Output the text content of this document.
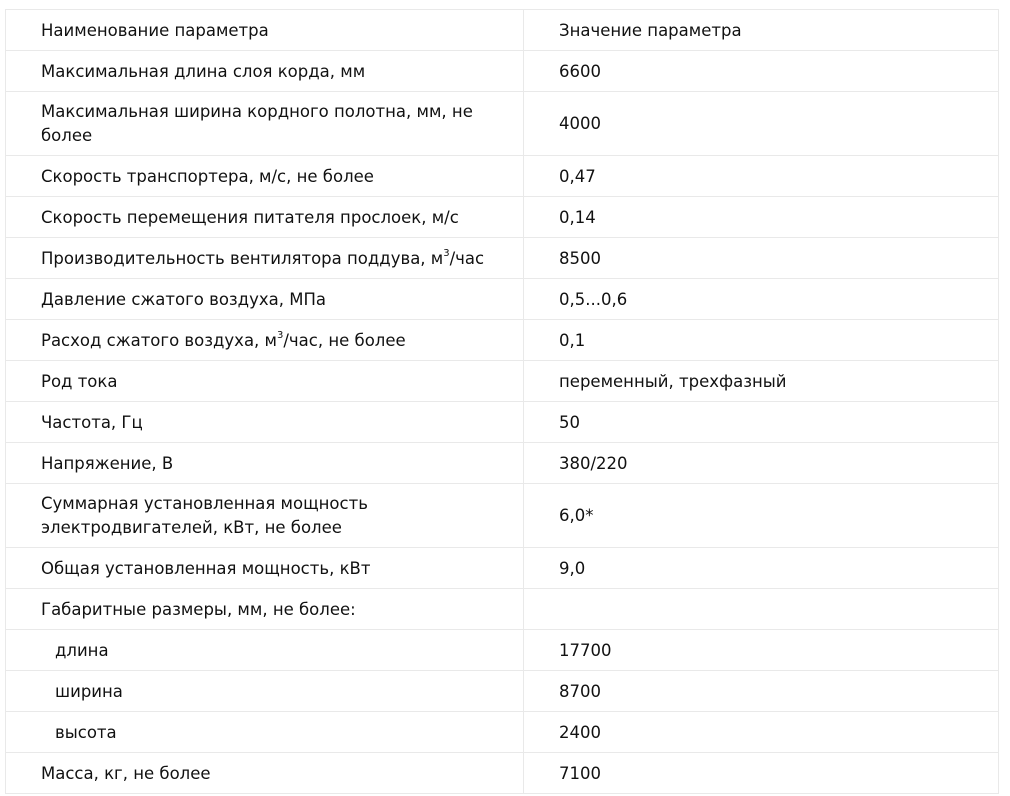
Наименование параметра	Значение параметра
Максимальная длина слоя корда, мм	6600
Максимальная ширина кордного полотна, мм, не более	4000
Скорость транспортера, м/с, не более	0,47
Скорость перемещения питателя прослоек, м/с	0,14
Производительность вентилятора поддува, $м^3$/час	8500
Давление сжатого воздуха, МПа	0,5...0,6
Расход сжатого воздуха, $м^3$/час, не более	0,1
Род тока	переменный, трехфазный
Частота, Гц	50
Напряжение, В	380/220
Суммарная установленная мощность электродвигателей, кВт, не более	6,0*
Общая установленная мощность, кВт	9,0
Габаритные размеры, мм, не более:	
длина	17700
ширина	8700
высота	2400
Масса, кг, не более	7100
